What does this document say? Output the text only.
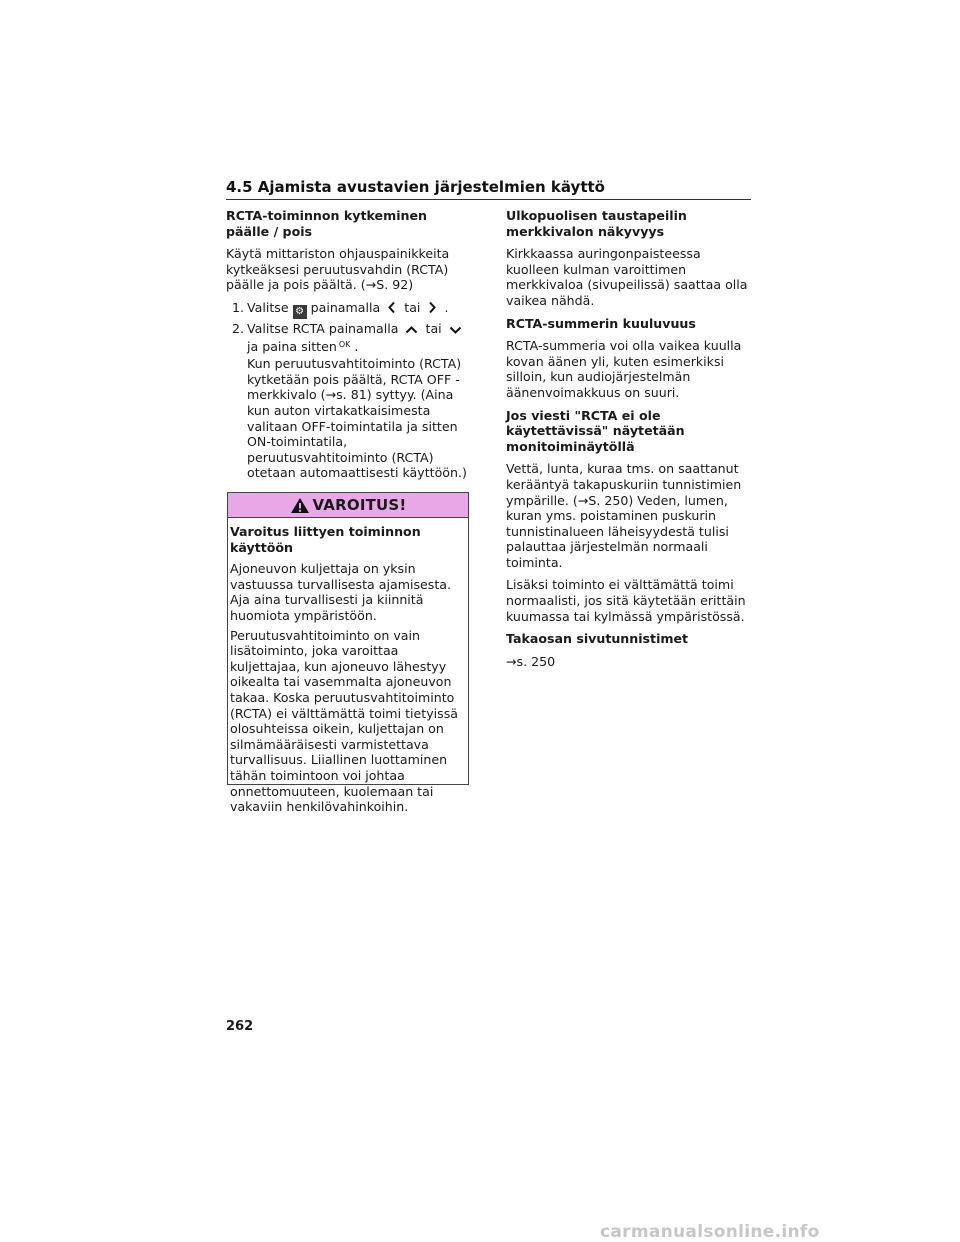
4.5 Ajamista avustavien järjestelmien käyttö

RCTA-toiminnon kytkeminen päälle / pois

Käytä mittariston ohjauspainikkeita kytkeäksesi peruutusvahdin (RCTA) päälle ja pois päältä. (→S. 92)

1. Valitse ⚙ painamalla tai .
2. Valitse RCTA painamalla tai  ja paina sitten $^{OK}$ .

Kun peruutusvahtitoiminto (RCTA) kytketään pois päältä, RCTA OFF -merkkivalo (→s. 81) syttyy. (Aina kun auton virtakatkaisimesta valitaan OFF-toimintatila ja sitten ON-toimintatila, peruutusvahtitoiminto (RCTA) otetaan automaattisesti käyttöön.)

VAROITUS!

Varoitus liittyen toiminnon käyttöön

Ajoneuvon kuljettaja on yksin vastuussa turvallisesta ajamisesta. Aja aina turvallisesti ja kiinnitä huomiota ympäristöön.

Peruutusvahtitoiminto on vain lisätoiminto, joka varoittaa kuljettajaa, kun ajoneuvo lähestyy oikealta tai vasemmalta ajoneuvon takaa. Koska peruutusvahtitoiminto (RCTA) ei välttämättä toimi tietyissä olosuhteissa oikein, kuljettajan on silmämääräisesti varmistettava turvallisuus. Liiallinen luottaminen tähän toimintoon voi johtaa onnettomuuteen, kuolemaan tai vakaviin henkilövahinkoihin.

Ulkopuolisen taustapeilin merkkivalon näkyvyys

Kirkkaassa auringonpaisteessa kuolleen kulman varoittimen merkkivaloa (sivupeilissä) saattaa olla vaikea nähdä.

RCTA-summerin kuuluvuus

RCTA-summeria voi olla vaikea kuulla kovan äänen yli, kuten esimerkiksi silloin, kun audiojärjestelmän äänenvoimakkuus on suuri.

Jos viesti "RCTA ei ole käytettävissä" näytetään monitoiminäytöllä

Vettä, lunta, kuraa tms. on saattanut kerääntyä takapuskuriin tunnistimien ympärille. (→S. 250) Veden, lumen, kuran yms. poistaminen puskurin tunnistinalueen läheisyydestä tulisi palauttaa järjestelmän normaali toiminta.

Lisäksi toiminto ei välttämättä toimi normaalisti, jos sitä käytetään erittäin kuumassa tai kylmässä ympäristössä.

Takaosan sivutunnistimet

→s. 250

262
carmanualsonline.info
